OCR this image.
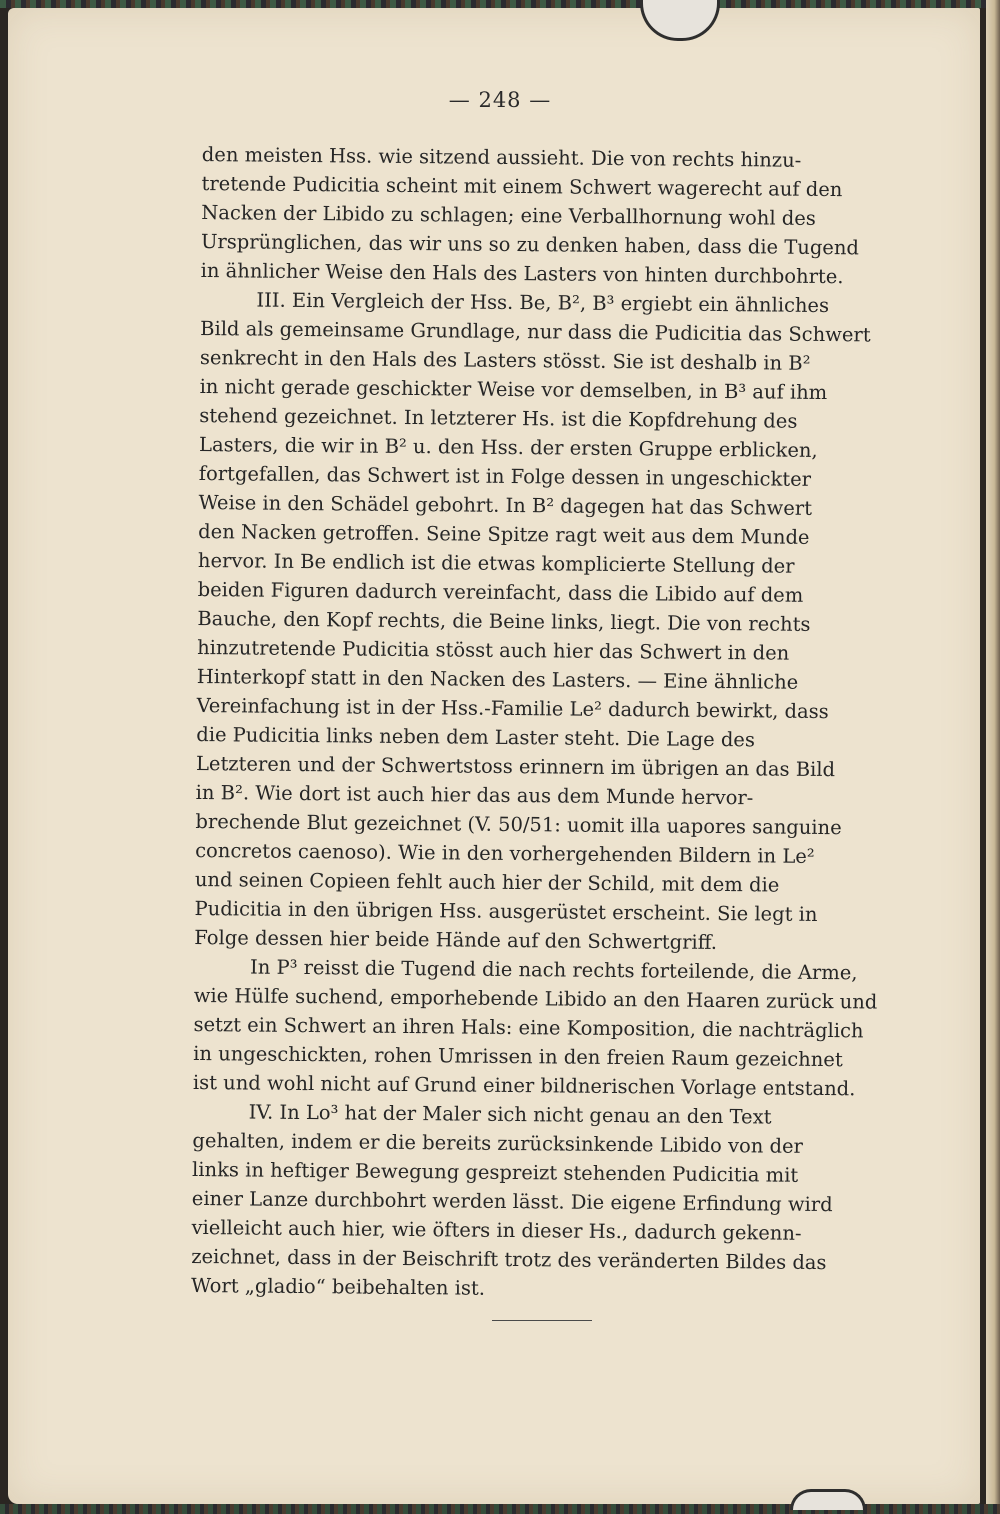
— 248 —
den meisten Hss. wie sitzend aussieht. Die von rechts hinzu-
tretende Pudicitia scheint mit einem Schwert wagerecht auf den
Nacken der Libido zu schlagen; eine Verballhornung wohl des
Ursprünglichen, das wir uns so zu denken haben, dass die Tugend
in ähnlicher Weise den Hals des Lasters von hinten durchbohrte.
III. Ein Vergleich der Hss. Be, B², B³ ergiebt ein ähnliches
Bild als gemeinsame Grundlage, nur dass die Pudicitia das Schwert
senkrecht in den Hals des Lasters stösst. Sie ist deshalb in B²
in nicht gerade geschickter Weise vor demselben, in B³ auf ihm
stehend gezeichnet. In letzterer Hs. ist die Kopfdrehung des
Lasters, die wir in B² u. den Hss. der ersten Gruppe erblicken,
fortgefallen, das Schwert ist in Folge dessen in ungeschickter
Weise in den Schädel gebohrt. In B² dagegen hat das Schwert
den Nacken getroffen. Seine Spitze ragt weit aus dem Munde
hervor. In Be endlich ist die etwas komplicierte Stellung der
beiden Figuren dadurch vereinfacht, dass die Libido auf dem
Bauche, den Kopf rechts, die Beine links, liegt. Die von rechts
hinzutretende Pudicitia stösst auch hier das Schwert in den
Hinterkopf statt in den Nacken des Lasters. — Eine ähnliche
Vereinfachung ist in der Hss.-Familie Le² dadurch bewirkt, dass
die Pudicitia links neben dem Laster steht. Die Lage des
Letzteren und der Schwertstoss erinnern im übrigen an das Bild
in B². Wie dort ist auch hier das aus dem Munde hervor-
brechende Blut gezeichnet (V. 50/51: uomit illa uapores sanguine
concretos caenoso). Wie in den vorhergehenden Bildern in Le²
und seinen Copieen fehlt auch hier der Schild, mit dem die
Pudicitia in den übrigen Hss. ausgerüstet erscheint. Sie legt in
Folge dessen hier beide Hände auf den Schwertgriff.
In P³ reisst die Tugend die nach rechts forteilende, die Arme,
wie Hülfe suchend, emporhebende Libido an den Haaren zurück und
setzt ein Schwert an ihren Hals: eine Komposition, die nachträglich
in ungeschickten, rohen Umrissen in den freien Raum gezeichnet
ist und wohl nicht auf Grund einer bildnerischen Vorlage entstand.
IV. In Lo³ hat der Maler sich nicht genau an den Text
gehalten, indem er die bereits zurücksinkende Libido von der
links in heftiger Bewegung gespreizt stehenden Pudicitia mit
einer Lanze durchbohrt werden lässt. Die eigene Erfindung wird
vielleicht auch hier, wie öfters in dieser Hs., dadurch gekenn-
zeichnet, dass in der Beischrift trotz des veränderten Bildes das
Wort „gladio“ beibehalten ist.
